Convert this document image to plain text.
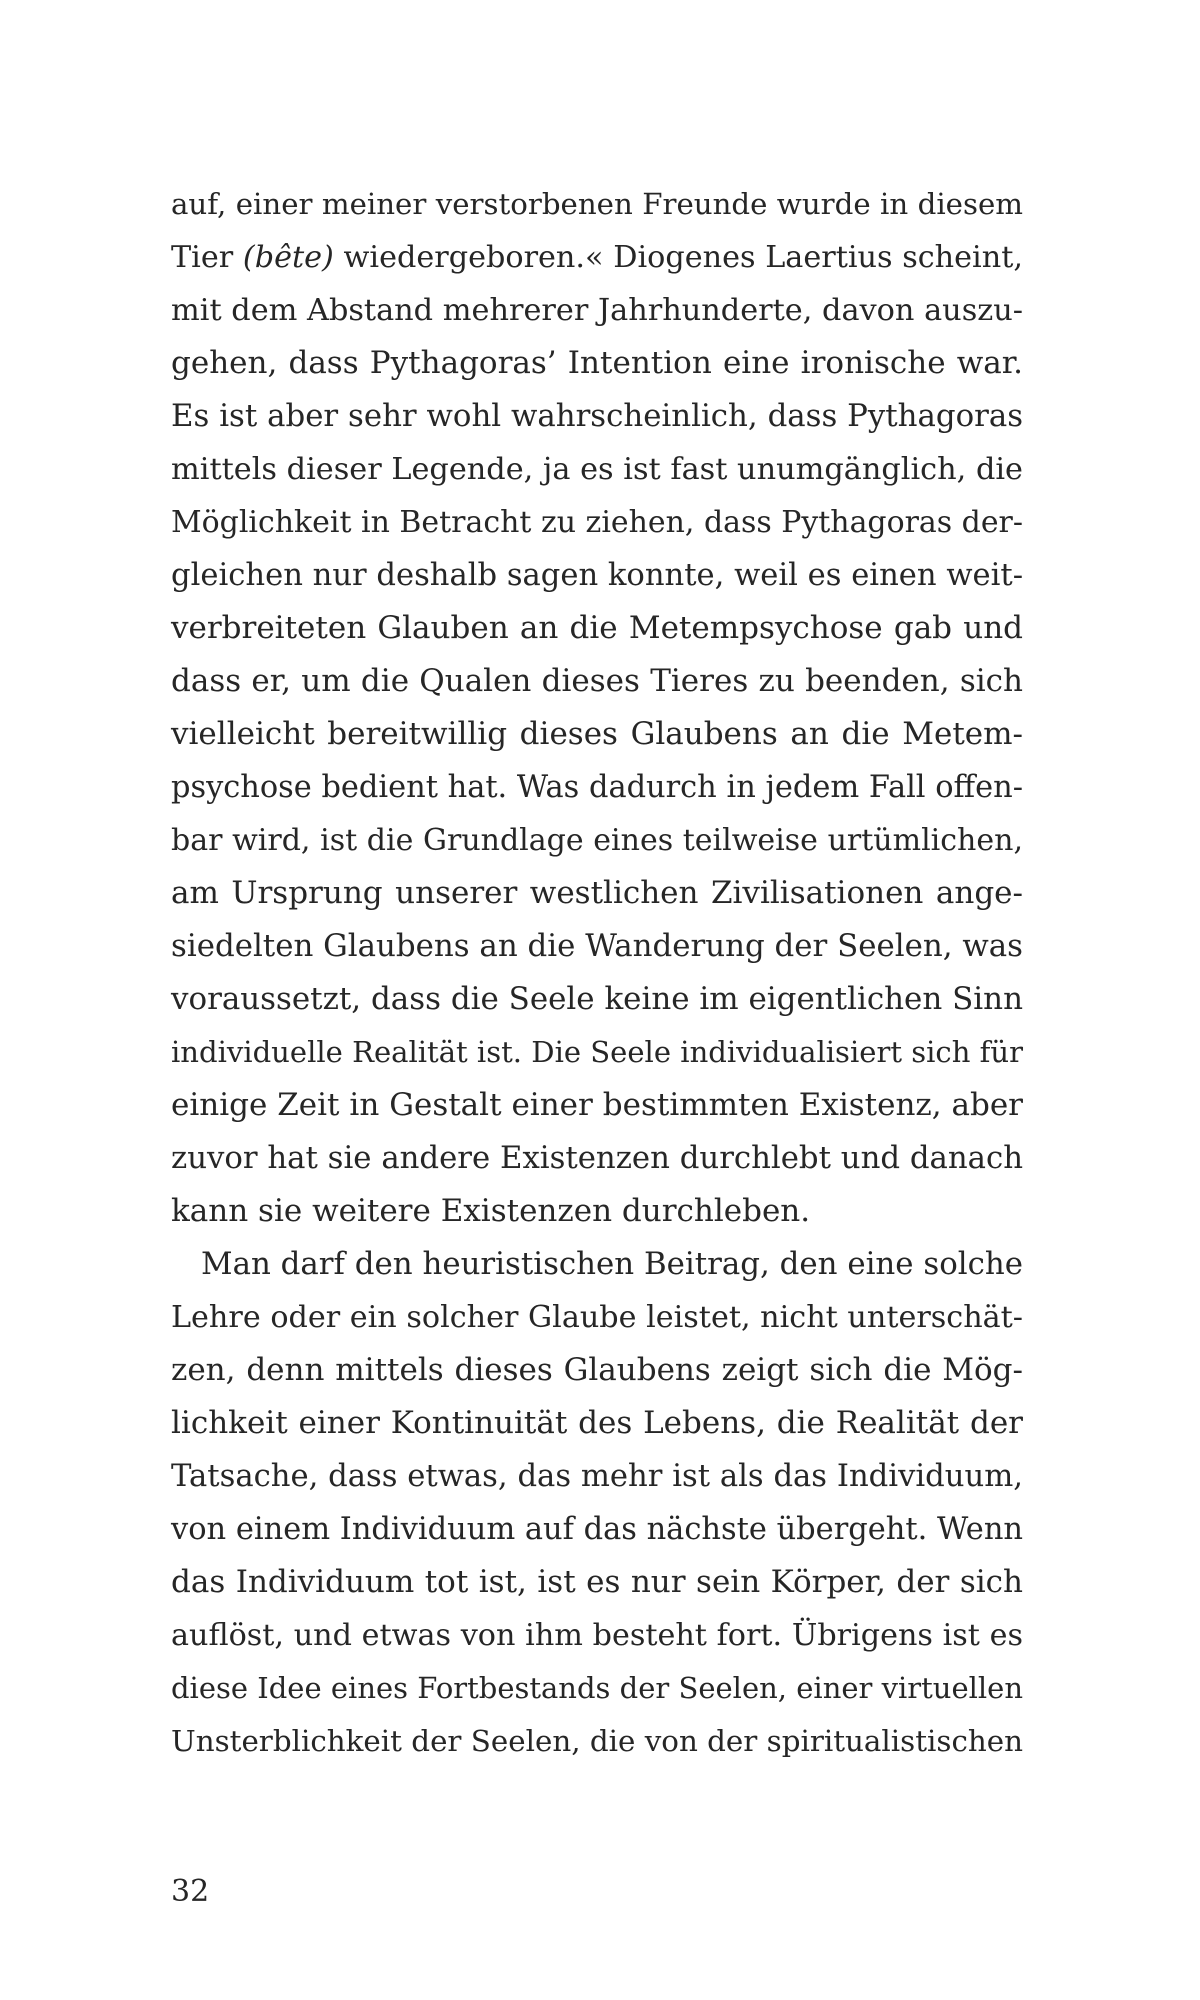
auf, einer meiner verstorbenen Freunde wurde in diesem
Tier (bête) wiedergeboren.« Diogenes Laertius scheint,
mit dem Abstand mehrerer Jahrhunderte, davon auszu-
gehen, dass Pythagoras’ Intention eine ironische war.
Es ist aber sehr wohl wahrscheinlich, dass Pythagoras
mittels dieser Legende, ja es ist fast unumgänglich, die
Möglichkeit in Betracht zu ziehen, dass Pythagoras der-
gleichen nur deshalb sagen konnte, weil es einen weit-
verbreiteten Glauben an die Metempsychose gab und
dass er, um die Qualen dieses Tieres zu beenden, sich
vielleicht bereitwillig dieses Glaubens an die Metem-
psychose bedient hat. Was dadurch in jedem Fall offen-
bar wird, ist die Grundlage eines teilweise urtümlichen,
am Ursprung unserer westlichen Zivilisationen ange-
siedelten Glaubens an die Wanderung der Seelen, was
voraussetzt, dass die Seele keine im eigentlichen Sinn
individuelle Realität ist. Die Seele individualisiert sich für
einige Zeit in Gestalt einer bestimmten Existenz, aber
zuvor hat sie andere Existenzen durchlebt und danach
kann sie weitere Existenzen durchleben.
Man darf den heuristischen Beitrag, den eine solche
Lehre oder ein solcher Glaube leistet, nicht unterschät-
zen, denn mittels dieses Glaubens zeigt sich die Mög-
lichkeit einer Kontinuität des Lebens, die Realität der
Tatsache, dass etwas, das mehr ist als das Individuum,
von einem Individuum auf das nächste übergeht. Wenn
das Individuum tot ist, ist es nur sein Körper, der sich
auflöst, und etwas von ihm besteht fort. Übrigens ist es
diese Idee eines Fortbestands der Seelen, einer virtuellen
Unsterblichkeit der Seelen, die von der spiritualistischen
32
